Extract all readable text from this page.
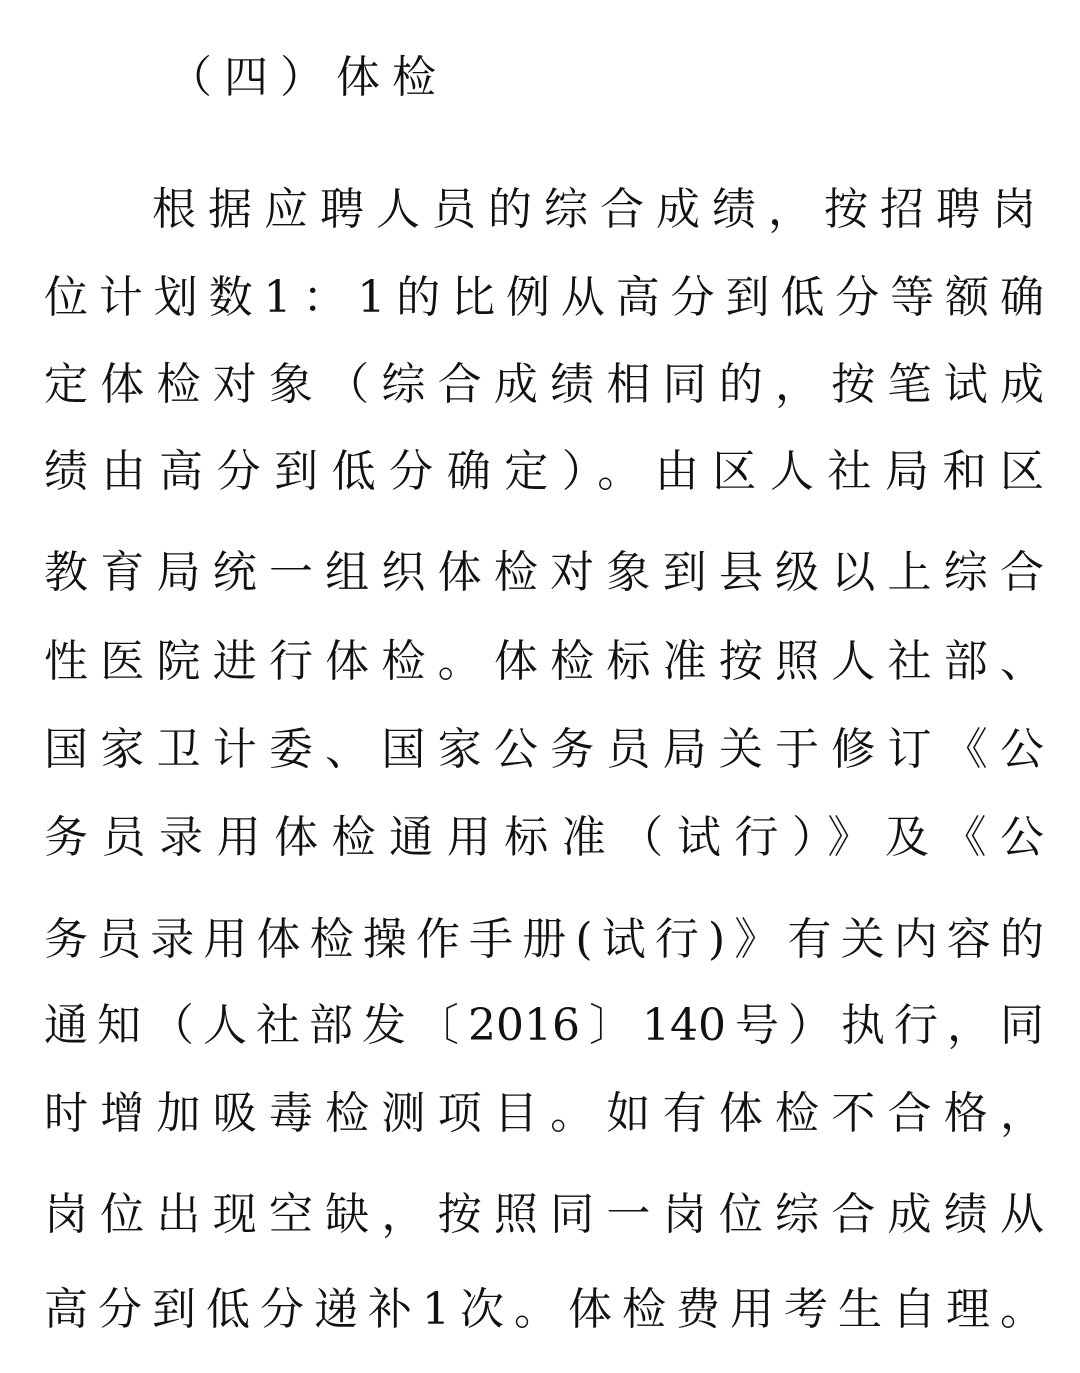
（四）体检
根据应聘人员的综合成绩，按招聘岗
位计划数1：1的比例从高分到低分等额确
定体检对象（综合成绩相同的，按笔试成
绩由高分到低分确定）。由区人社局和区
教育局统一组织体检对象到县级以上综合
性医院进行体检。体检标准按照人社部、
国家卫计委、国家公务员局关于修订《公
务员录用体检通用标准（试行）》及《公
务员录用体检操作手册(试行)》有关内容的
通知（人社部发〔2016〕140号）执行，同
时增加吸毒检测项目。如有体检不合格，
岗位出现空缺，按照同一岗位综合成绩从
高分到低分递补1次。体检费用考生自理。
